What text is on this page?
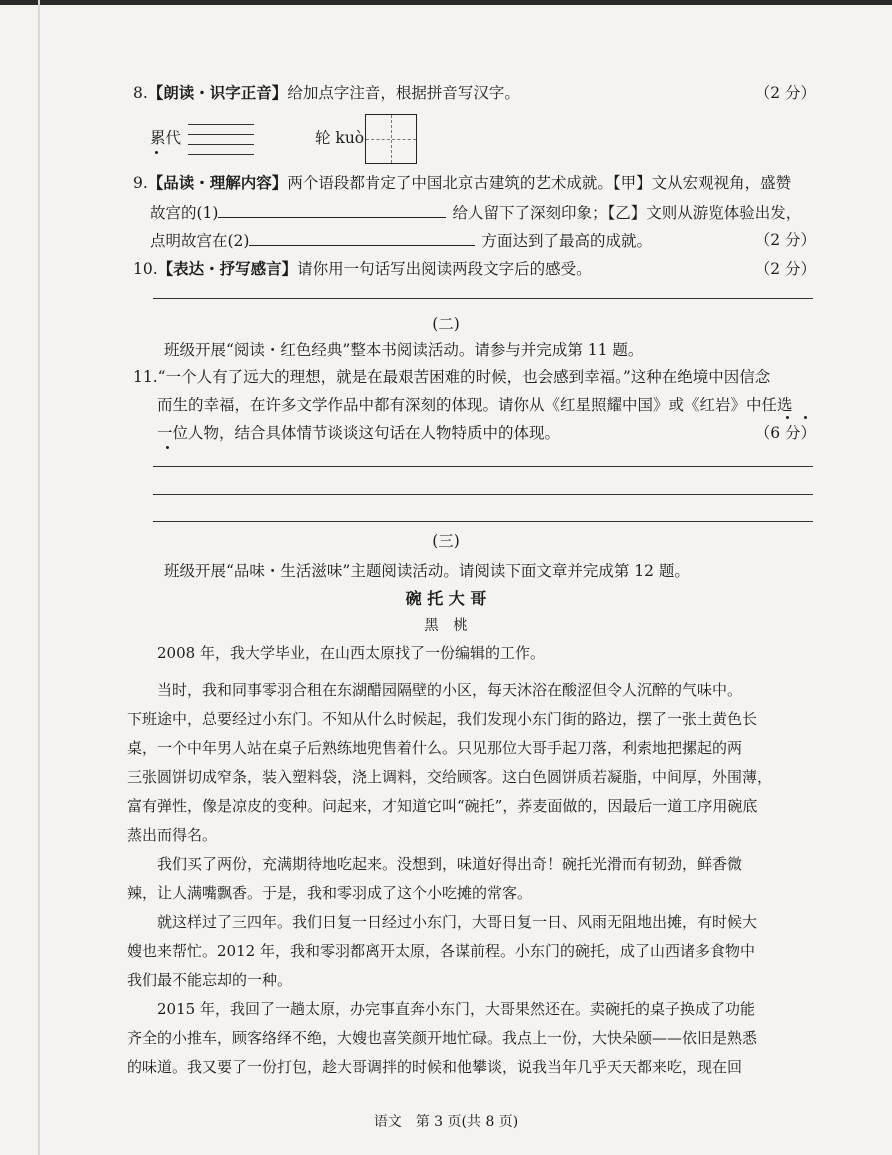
8.【朗读・识字正音】给加点字注音，根据拼音写汉字。	（2 分）
累代	轮 kuò
9.【品读・理解内容】两个语段都肯定了中国北京古建筑的艺术成就。【甲】文从宏观视角，盛赞
故宫的(1)	给人留下了深刻印象；【乙】文则从游览体验出发，
点明故宫在(2)	方面达到了最高的成就。	（2 分）
10.【表达・抒写感言】请你用一句话写出阅读两段文字后的感受。	（2 分）
(二)
班级开展“阅读・红色经典”整本书阅读活动。请参与并完成第 11 题。
11.“一个人有了远大的理想，就是在最艰苦困难的时候，也会感到幸福。”这种在绝境中因信念
而生的幸福，在许多文学作品中都有深刻的体现。请你从《红星照耀中国》或《红岩》中任选
一位人物，结合具体情节谈谈这句话在人物特质中的体现。	（6 分）
(三)
班级开展“品味・生活滋味”主题阅读活动。请阅读下面文章并完成第 12 题。
碗 托 大 哥
黑　桃
2008 年，我大学毕业，在山西太原找了一份编辑的工作。
当时，我和同事零羽合租在东湖醋园隔壁的小区，每天沐浴在酸涩但令人沉醉的气味中。
下班途中，总要经过小东门。不知从什么时候起，我们发现小东门街的路边，摆了一张土黄色长
桌，一个中年男人站在桌子后熟练地兜售着什么。只见那位大哥手起刀落，利索地把摞起的两
三张圆饼切成窄条，装入塑料袋，浇上调料，交给顾客。这白色圆饼质若凝脂，中间厚，外围薄，
富有弹性，像是凉皮的变种。问起来，才知道它叫“碗托”，荞麦面做的，因最后一道工序用碗底
蒸出而得名。
我们买了两份，充满期待地吃起来。没想到，味道好得出奇！碗托光滑而有韧劲，鲜香微
辣，让人满嘴飘香。于是，我和零羽成了这个小吃摊的常客。
就这样过了三四年。我们日复一日经过小东门，大哥日复一日、风雨无阻地出摊，有时候大
嫂也来帮忙。2012 年，我和零羽都离开太原，各谋前程。小东门的碗托，成了山西诸多食物中
我们最不能忘却的一种。
2015 年，我回了一趟太原，办完事直奔小东门，大哥果然还在。卖碗托的桌子换成了功能
齐全的小推车，顾客络绎不绝，大嫂也喜笑颜开地忙碌。我点上一份，大快朵颐——依旧是熟悉
的味道。我又要了一份打包，趁大哥调拌的时候和他攀谈，说我当年几乎天天都来吃，现在回
语文　第 3 页(共 8 页)
